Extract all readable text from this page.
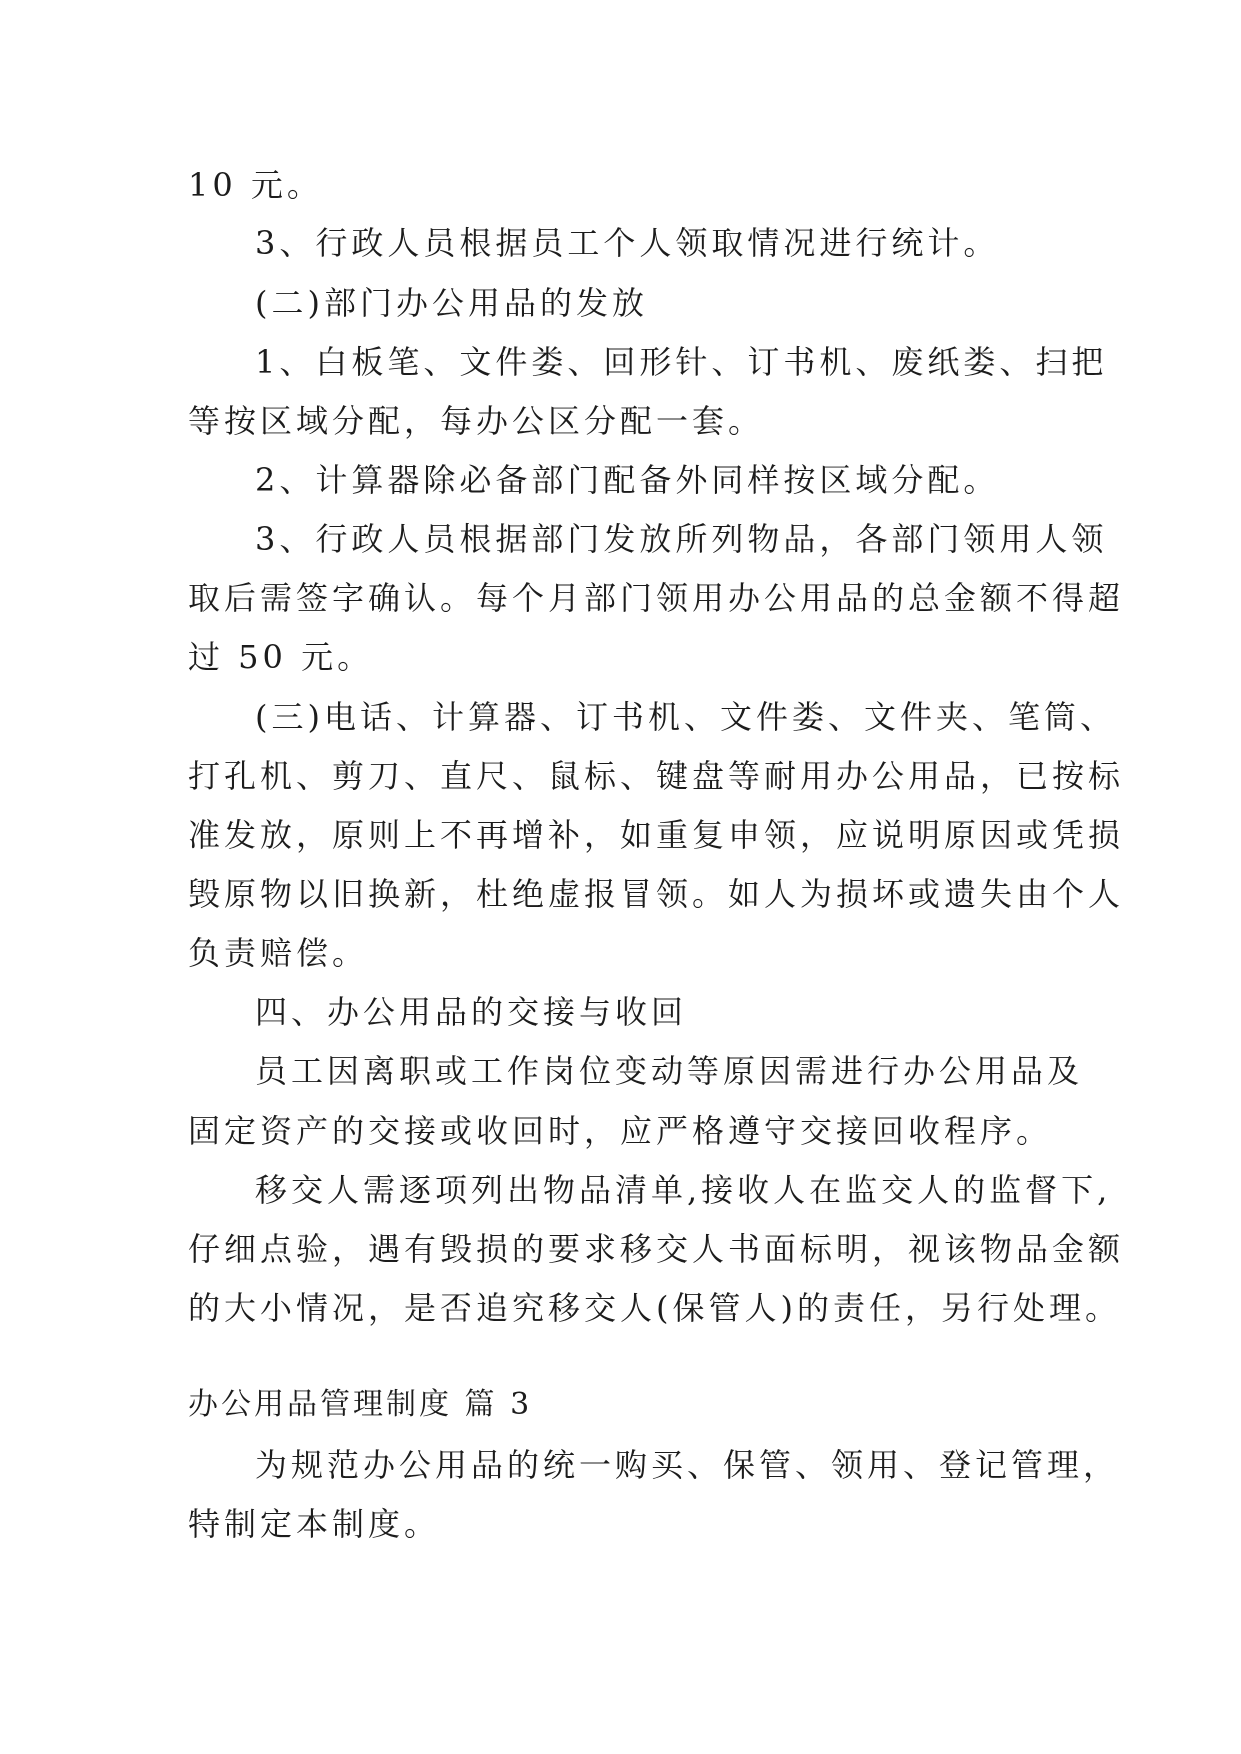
10 元。
3、行政人员根据员工个人领取情况进行统计。
(二)部门办公用品的发放
1、白板笔、文件娄、回形针、订书机、废纸娄、扫把
等按区域分配，每办公区分配一套。
2、计算器除必备部门配备外同样按区域分配。
3、行政人员根据部门发放所列物品，各部门领用人领
取后需签字确认。每个月部门领用办公用品的总金额不得超
过 50 元。
(三)电话、计算器、订书机、文件娄、文件夹、笔筒、
打孔机、剪刀、直尺、鼠标、键盘等耐用办公用品，已按标
准发放，原则上不再增补，如重复申领，应说明原因或凭损
毁原物以旧换新，杜绝虚报冒领。如人为损坏或遗失由个人
负责赔偿。
四、办公用品的交接与收回
员工因离职或工作岗位变动等原因需进行办公用品及
固定资产的交接或收回时，应严格遵守交接回收程序。
移交人需逐项列出物品清单,接收人在监交人的监督下,
仔细点验，遇有毁损的要求移交人书面标明，视该物品金额
的大小情况，是否追究移交人(保管人)的责任，另行处理。
办公用品管理制度 篇 3
为规范办公用品的统一购买、保管、领用、登记管理，
特制定本制度。
